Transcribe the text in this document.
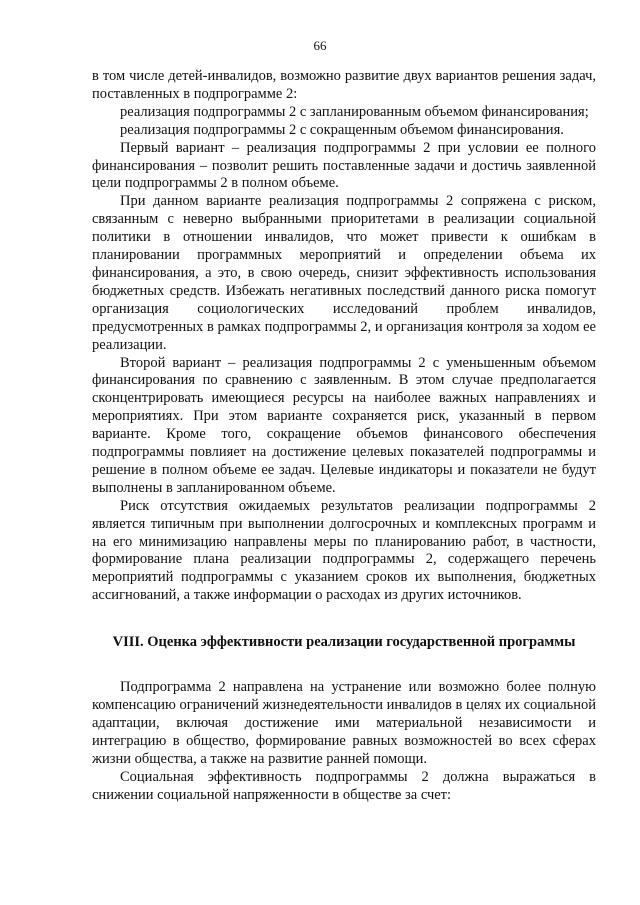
66

в том числе детей-инвалидов, возможно развитие двух вариантов решения задач, поставленных в подпрограмме 2:

реализация подпрограммы 2 с запланированным объемом финансирования;

реализация подпрограммы 2 с сокращенным объемом финансирования.

Первый вариант – реализация подпрограммы 2 при условии ее полного финансирования – позволит решить поставленные задачи и достичь заявленной цели подпрограммы 2 в полном объеме.

При данном варианте реализация подпрограммы 2 сопряжена с риском, связанным с неверно выбранными приоритетами в реализации социальной политики в отношении инвалидов, что может привести к ошибкам в планировании программных мероприятий и определении объема их финансирования, а это, в свою очередь, снизит эффективность использования бюджетных средств. Избежать негативных последствий данного риска помогут организация социологических исследований проблем инвалидов, предусмотренных в рамках подпрограммы 2, и организация контроля за ходом ее реализации.

Второй вариант – реализация подпрограммы 2 с уменьшенным объемом финансирования по сравнению с заявленным. В этом случае предполагается сконцентрировать имеющиеся ресурсы на наиболее важных направлениях и мероприятиях. При этом варианте сохраняется риск, указанный в первом варианте. Кроме того, сокращение объемов финансового обеспечения подпрограммы повлияет на достижение целевых показателей подпрограммы и решение в полном объеме ее задач. Целевые индикаторы и показатели не будут выполнены в запланированном объеме.

Риск отсутствия ожидаемых результатов реализации подпрограммы 2 является типичным при выполнении долгосрочных и комплексных программ и на его минимизацию направлены меры по планированию работ, в частности, формирование плана реализации подпрограммы 2, содержащего перечень мероприятий подпрограммы с указанием сроков их выполнения, бюджетных ассигнований, а также информации о расходах из других источников.

VIII. Оценка эффективности реализации государственной программы

Подпрограмма 2 направлена на устранение или возможно более полную компенсацию ограничений жизнедеятельности инвалидов в целях их социальной адаптации, включая достижение ими материальной независимости и интеграцию в общество, формирование равных возможностей во всех сферах жизни общества, а также на развитие ранней помощи.

Социальная эффективность подпрограммы 2 должна выражаться в снижении социальной напряженности в обществе за счет:
